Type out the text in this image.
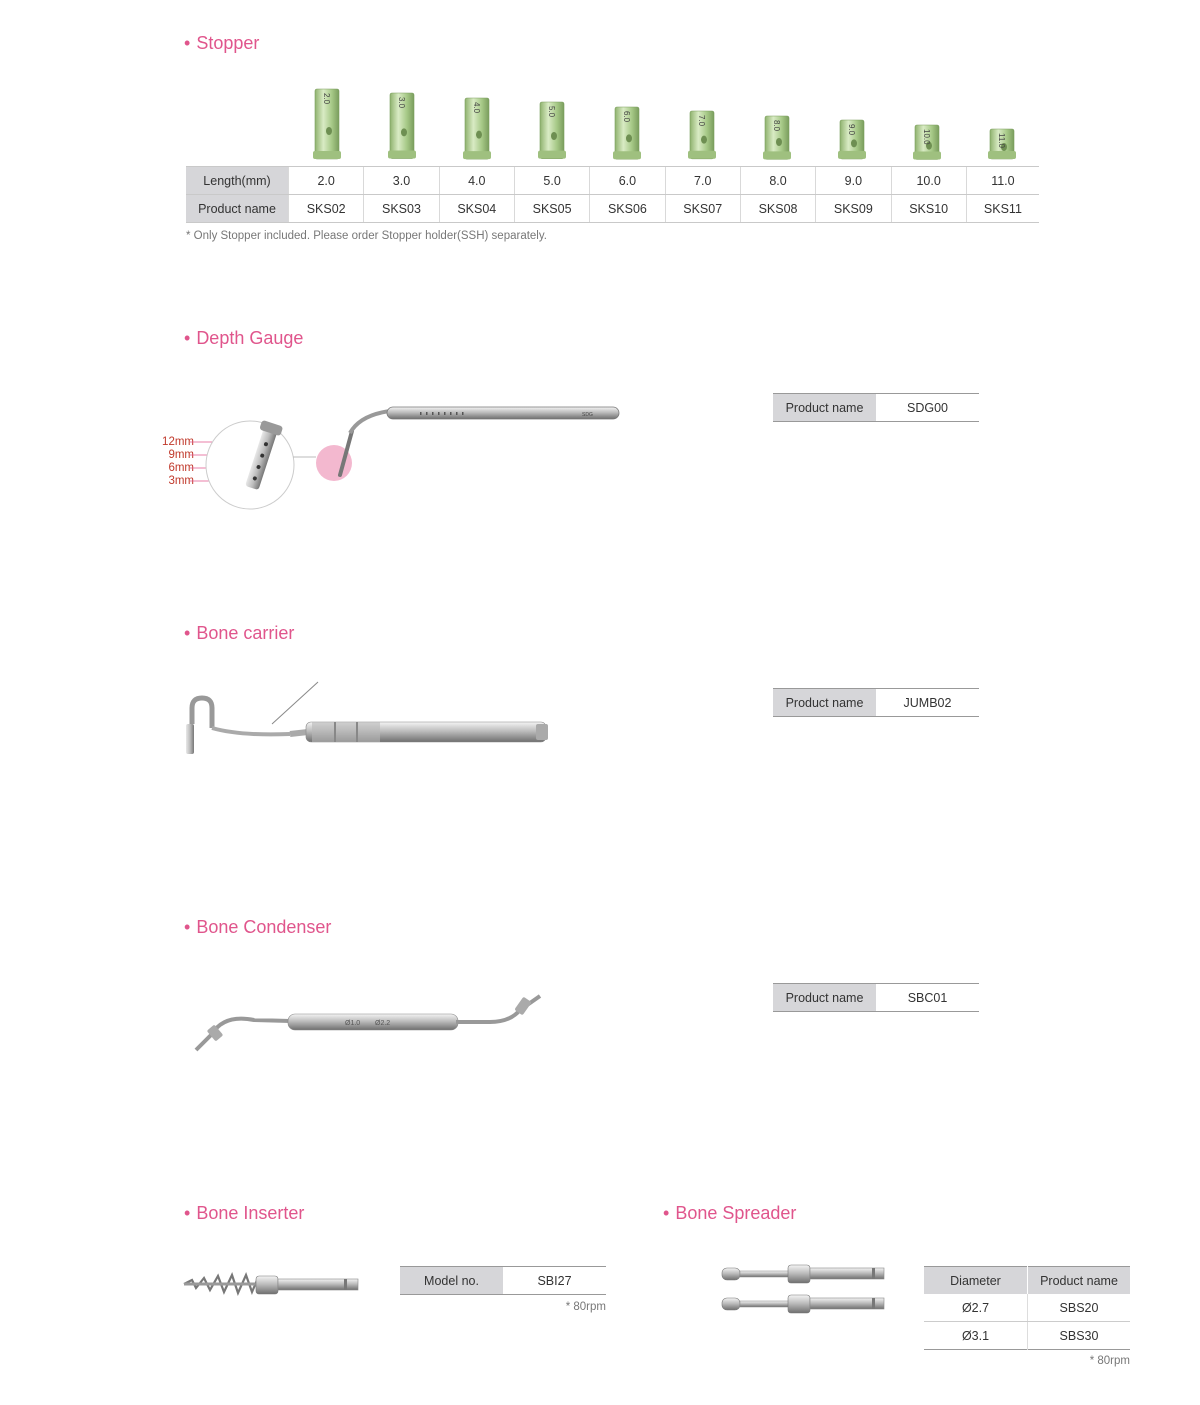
• Stopper
2.0	3.0	4.0	5.0	6.0	7.0	8.0	9.0	10.0	11.0
Length(mm)	2.0	3.0	4.0	5.0	6.0	7.0	8.0	9.0	10.0	11.0
Product name	SKS02	SKS03	SKS04	SKS05	SKS06	SKS07	SKS08	SKS09	SKS10	SKS11
* Only Stopper included. Please order Stopper holder(SSH) separately.
• Depth Gauge
12mm
9mm
6mm
3mm
SDG
Product name	SDG00
• Bone carrier
Product name	JUMB02
• Bone Condenser
Ø1.0 Ø2.2
Product name	SBC01
• Bone Inserter
Model no.	SBI27
* 80rpm
• Bone Spreader
Diameter	Product name
Ø2.7	SBS20
Ø3.1	SBS30
* 80rpm
